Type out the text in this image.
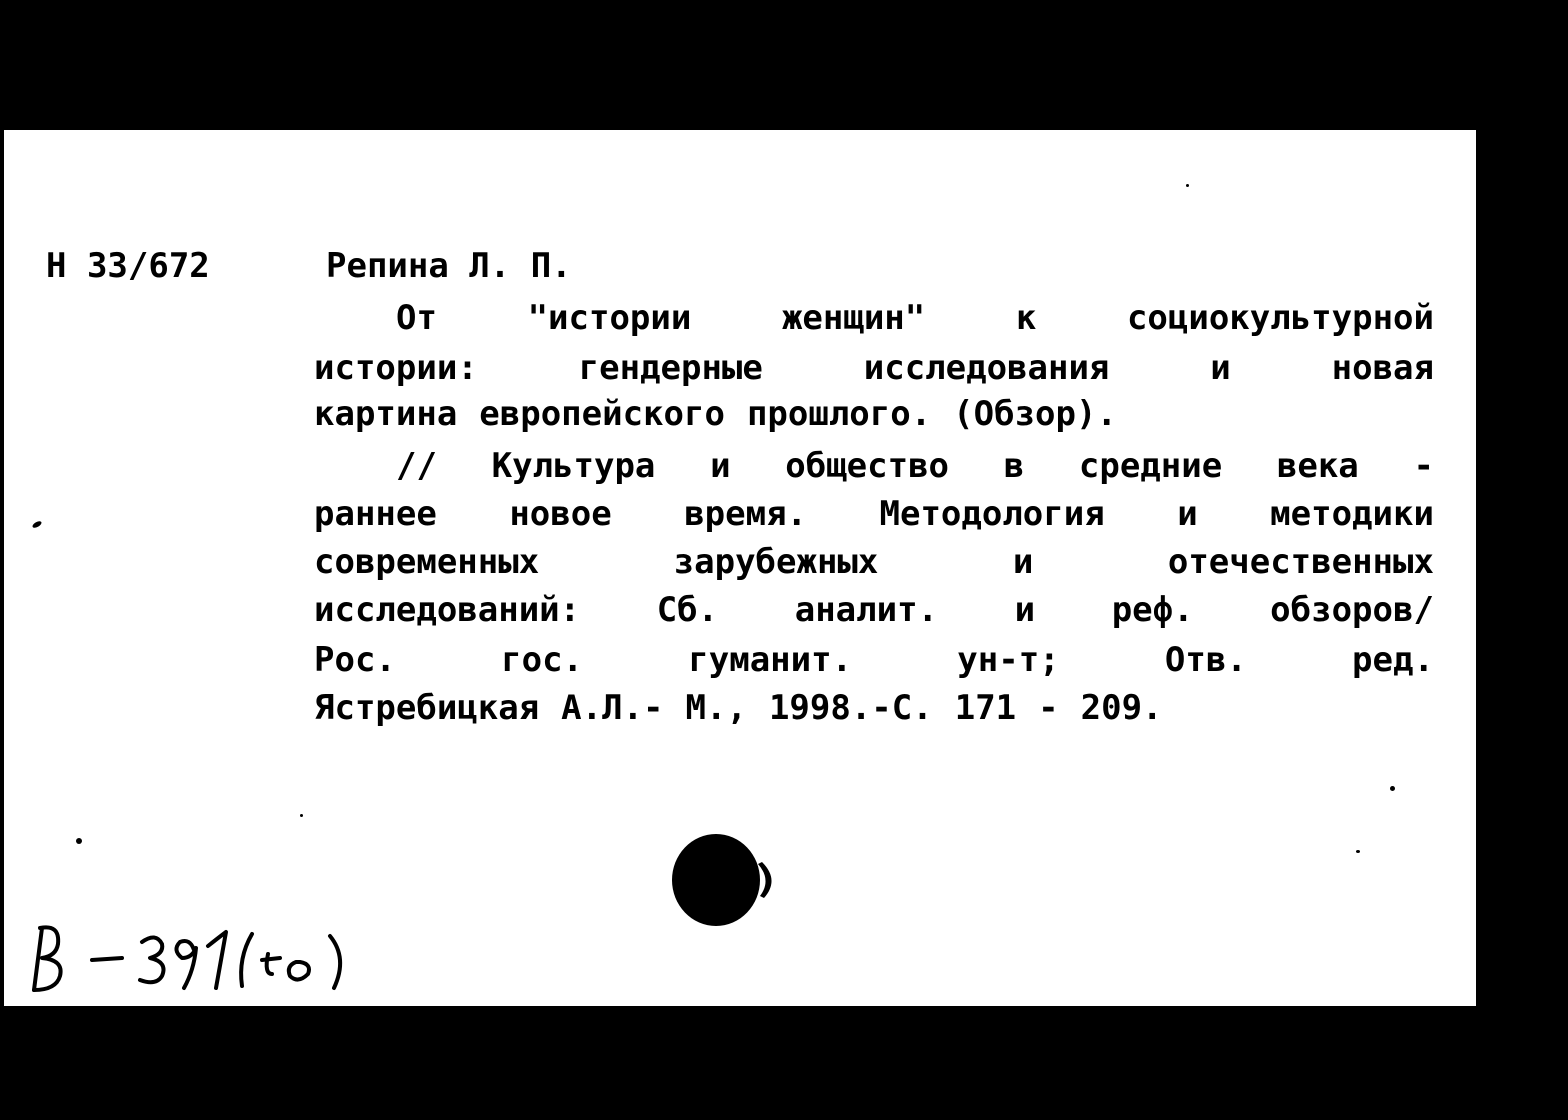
Н 33/672	Репина Л. П.
От	"истории	женщин"	к	социокультурной
истории:	гендерные	исследования	и	новая
картина европейского прошлого. (Обзор).
// Культура и общество в средние века -
раннее новое время. Методология и методики
современных	зарубежных	и	отечественных
исследований: Сб. аналит. и реф. обзоров/
Рос.	гос.	гуманит.	ун-т;	Отв.	ред.
Ястребицкая А.Л.- М., 1998.-С. 171 - 209.
